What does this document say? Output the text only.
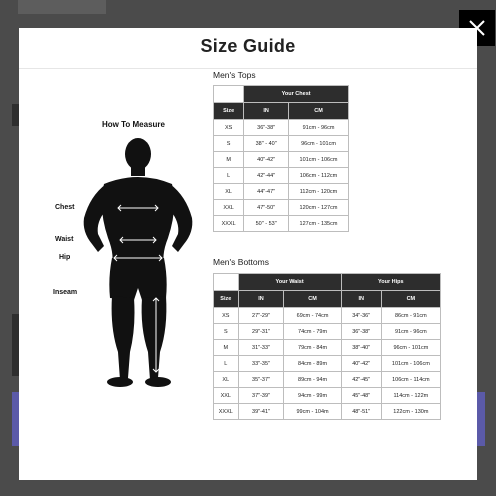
Size Guide
How To Measure
Chest
Waist
Hip
Inseam
Men's Tops
	Your Chest	
Size	IN	CM
XS	36"-38"	91cm - 96cm
S	38" - 40"	96cm - 101cm
M	40"-42"	101cm - 106cm
L	42"-44"	106cm - 112cm
XL	44"-47"	112cm - 120cm
XXL	47"-50"	120cm - 127cm
XXXL	50" - 53"	127cm - 135cm
Men's Bottoms
	Your Waist		Your Hips	
Size	IN	CM	IN	CM
XS	27"-29"	69cm - 74cm	34"-36"	86cm - 91cm
S	29"-31"	74cm - 79m	36"-38"	91cm - 96cm
M	31"-33"	79cm - 84m	38"-40"	96cm - 101cm
L	33"-35"	84cm - 89m	40"-42"	101cm - 106cm
XL	35"-37"	89cm - 94m	42"-45"	106cm - 114cm
XXL	37"-39"	94cm - 99m	45"-48"	114cm - 122m
XXXL	39"-41"	99cm - 104m	48"-51"	122cm - 130m
